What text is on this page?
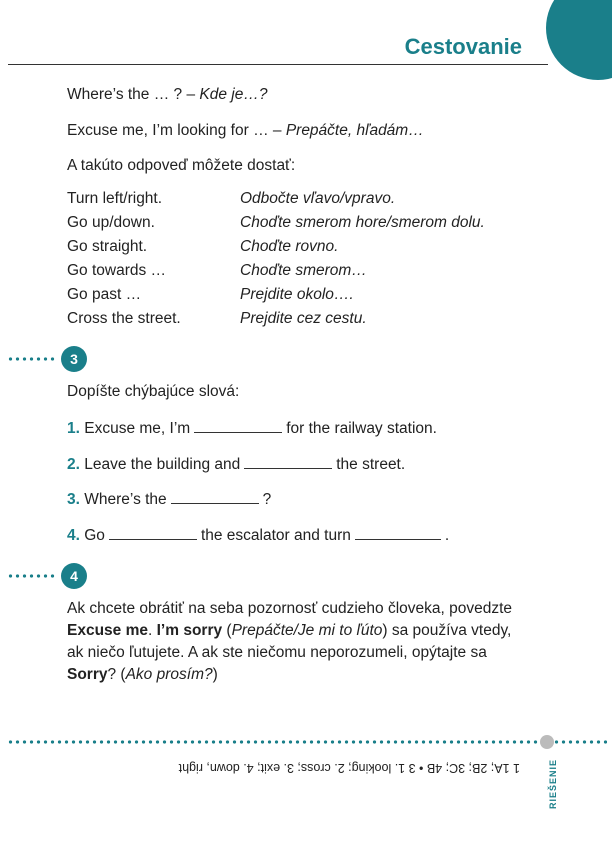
Cestovanie
Where’s the … ? – Kde je…?
Excuse me, I’m looking for … – Prepáčte, hľadám…
A takúto odpoveď môžete dostať:
Turn left/right.	Odbočte vľavo/vpravo.
Go up/down.	Choďte smerom hore/smerom dolu.
Go straight.	Choďte rovno.
Go towards …	Choďte smerom…
Go past …	Prejdite okolo….
Cross the street.	Prejdite cez cestu.
3
Dopíšte chýbajúce slová:
1. Excuse me, I’m	for the railway station.
2. Leave the building and	the street.
3. Where’s the	?
4. Go	the escalator and turn	.
4
Ak chcete obrátiť na seba pozornosť cudzieho človeka, povedzte Excuse me. I’m sorry (Prepáčte/Je mi to ľúto) sa používa vtedy, ak niečo ľutujete. A ak ste niečomu neporozumeli, opýtajte sa Sorry? (Ako prosím?)
1 1A; 2B; 3C; 4B • 3 1. looking; 2. cross; 3. exit; 4. down, right	RIEŠENIE
